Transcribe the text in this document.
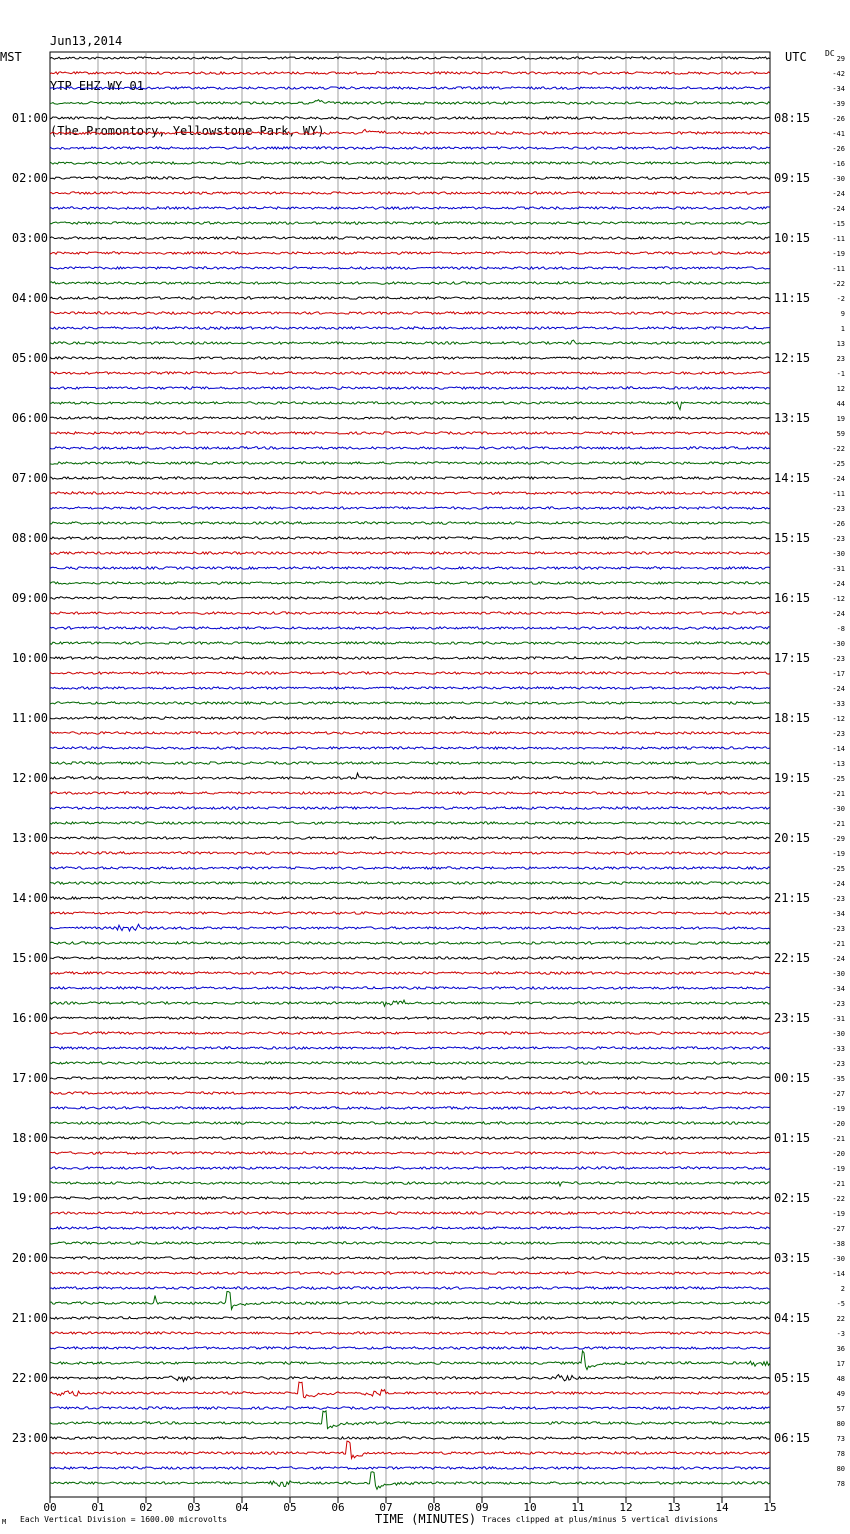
Jun13,2014

YTP EHZ WY 01

(The Promontory, Yellowstone Park, WY)

MST	UTC DC
00	01	02	03	04	05	06	07	08	09	10	11	12	13	14	15
29
-42
-34
-39
-26
01:00	08:15
-41
-26
-16
-30
02:00	09:15
-24
-24
-15
-11
03:00	10:15
-19
-11
-22
-2
04:00	11:15
9
1
13
23
05:00	12:15
-1
12
44
19
06:00	13:15
59
-22
-25
-24
07:00	14:15
-11
-23
-26
-23
08:00	15:15
-30
-31
-24
-12
09:00	16:15
-24
-8
-30
-23
10:00	17:15
-17
-24
-33
-12
11:00	18:15
-23
-14
-13
-25
12:00	19:15
-21
-30
-21
-29
13:00	20:15
-19
-25
-24
-23
14:00	21:15
-34
-23
-21
-24
15:00	22:15
-30
-34
-23
-31
16:00	23:15
-30
-33
-23
-35
17:00	00:15
-27
-19
-20
-21
18:00	01:15
-20
-19
-21
-22
19:00	02:15
-19
-27
-38
-30
20:00	03:15
-14
2
-5
22
21:00	04:15
-3
36
17
48
22:00	05:15
49
57
80
73
23:00	06:15
78
80
78
M Each Vertical Division = 1600.00 microvolts	TIME (MINUTES) Traces clipped at plus/minus 5 vertical divisions
